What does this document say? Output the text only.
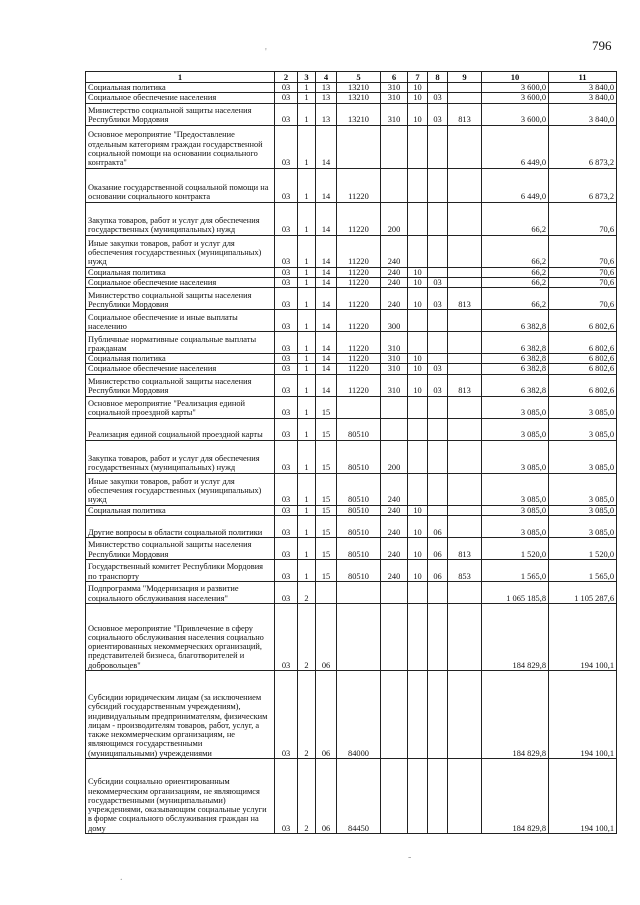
796
1	2	3	4	5	6	7	8	9	10	11
Социальная политика	03	1	13	13210	310	10			3 600,0	3 840,0
Социальное обеспечение населения	03	1	13	13210	310	10	03		3 600,0	3 840,0
Министерство социальной защиты населения Республики Мордовия	03	1	13	13210	310	10	03	813	3 600,0	3 840,0
Основное мероприятие "Предоставление отдельным категориям граждан государственной социальной помощи на основании социального контракта"	03	1	14						6 449,0	6 873,2
Оказание государственной социальной помощи на основании социального контракта	03	1	14	11220					6 449,0	6 873,2
Закупка товаров, работ и услуг для обеспечения государственных (муниципальных) нужд	03	1	14	11220	200				66,2	70,6
Иные закупки товаров, работ и услуг для обеспечения государственных (муниципальных) нужд	03	1	14	11220	240				66,2	70,6
Социальная политика	03	1	14	11220	240	10			66,2	70,6
Социальное обеспечение населения	03	1	14	11220	240	10	03		66,2	70,6
Министерство социальной защиты населения Республики Мордовия	03	1	14	11220	240	10	03	813	66,2	70,6
Социальное обеспечение и иные выплаты населению	03	1	14	11220	300				6 382,8	6 802,6
Публичные нормативные социальные выплаты гражданам	03	1	14	11220	310				6 382,8	6 802,6
Социальная политика	03	1	14	11220	310	10			6 382,8	6 802,6
Социальное обеспечение населения	03	1	14	11220	310	10	03		6 382,8	6 802,6
Министерство социальной защиты населения Республики Мордовия	03	1	14	11220	310	10	03	813	6 382,8	6 802,6
Основное мероприятие "Реализация единой социальной проездной карты"	03	1	15						3 085,0	3 085,0
Реализация единой социальной проездной карты	03	1	15	80510					3 085,0	3 085,0
Закупка товаров, работ и услуг для обеспечения государственных (муниципальных) нужд	03	1	15	80510	200				3 085,0	3 085,0
Иные закупки товаров, работ и услуг для обеспечения государственных (муниципальных) нужд	03	1	15	80510	240				3 085,0	3 085,0
Социальная политика	03	1	15	80510	240	10			3 085,0	3 085,0
Другие вопросы в области социальной политики	03	1	15	80510	240	10	06		3 085,0	3 085,0
Министерство социальной защиты населения Республики Мордовия	03	1	15	80510	240	10	06	813	1 520,0	1 520,0
Государственный комитет Республики Мордовия по транспорту	03	1	15	80510	240	10	06	853	1 565,0	1 565,0
Подпрограмма "Модернизация и развитие социального обслуживания населения"	03	2							1 065 185,8	1 105 287,6
Основное мероприятие "Привлечение в сферу социального обслуживания населения социально ориентированных некоммерческих организаций, представителей бизнеса, благотворителей и добровольцев"	03	2	06						184 829,8	194 100,1
Субсидии юридическим лицам (за исключением субсидий государственным учреждениям), индивидуальным предпринимателям, физическим лицам - производителям товаров, работ, услуг, а также некоммерческим организациям, не являющимся государственными (муниципальными) учреждениями	03	2	06	84000					184 829,8	194 100,1
Субсидии социально ориентированным некоммерческим организациям, не являющимся государственными (муниципальными) учреждениями, оказывающим социальные услуги в форме социального обслуживания граждан на дому	03	2	06	84450					184 829,8	194 100,1
'
-
.
